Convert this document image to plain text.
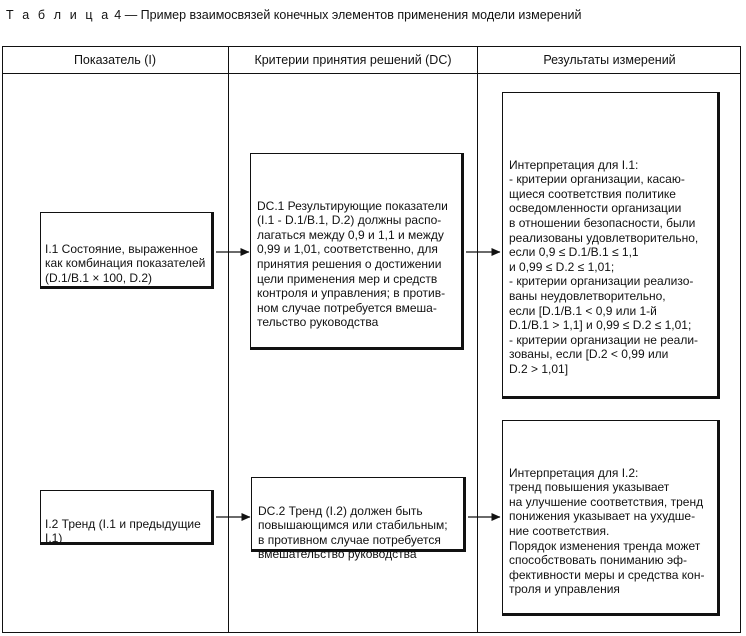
Т а б л и ц а 4 — Пример взаимосвязей конечных элементов применения модели измерений
Показатель (I)	Критерии принятия решений (DC)	Результаты измерений

I.1 Состояние, выраженное
как комбинация показателей
(D.1/B.1 × 100, D.2)

I.2 Тренд (I.1 и предыдущие
I.1)

DC.1 Результирующие показатели
(I.1 - D.1/B.1, D.2) должны распо-
лагаться между 0,9 и 1,1 и между
0,99 и 1,01, соответственно, для
принятия решения о достижении
цели применения мер и средств
контроля и управления; в против-
ном случае потребуется вмеша-
тельство руководства

DC.2 Тренд (I.2) должен быть
повышающимся или стабильным;
в противном случае потребуется
вмешательство руководства

Интерпретация для I.1:
- критерии организации, касаю-
щиеся соответствия политике
осведомленности организации
в отношении безопасности, были
реализованы удовлетворительно,
если 0,9 ≤ D.1/B.1 ≤ 1,1
и 0,99 ≤ D.2 ≤ 1,01;
- критерии организации реализо-
ваны неудовлетворительно,
если [D.1/B.1 < 0,9 или 1-й
D.1/B.1 > 1,1] и 0,99 ≤ D.2 ≤ 1,01;
- критерии организации не реали-
зованы, если [D.2 < 0,99 или
D.2 > 1,01]

Интерпретация для I.2:
тренд повышения указывает
на улучшение соответствия, тренд
понижения указывает на ухудше-
ние соответствия.
Порядок изменения тренда может
способствовать пониманию эф-
фективности меры и средства кон-
троля и управления
